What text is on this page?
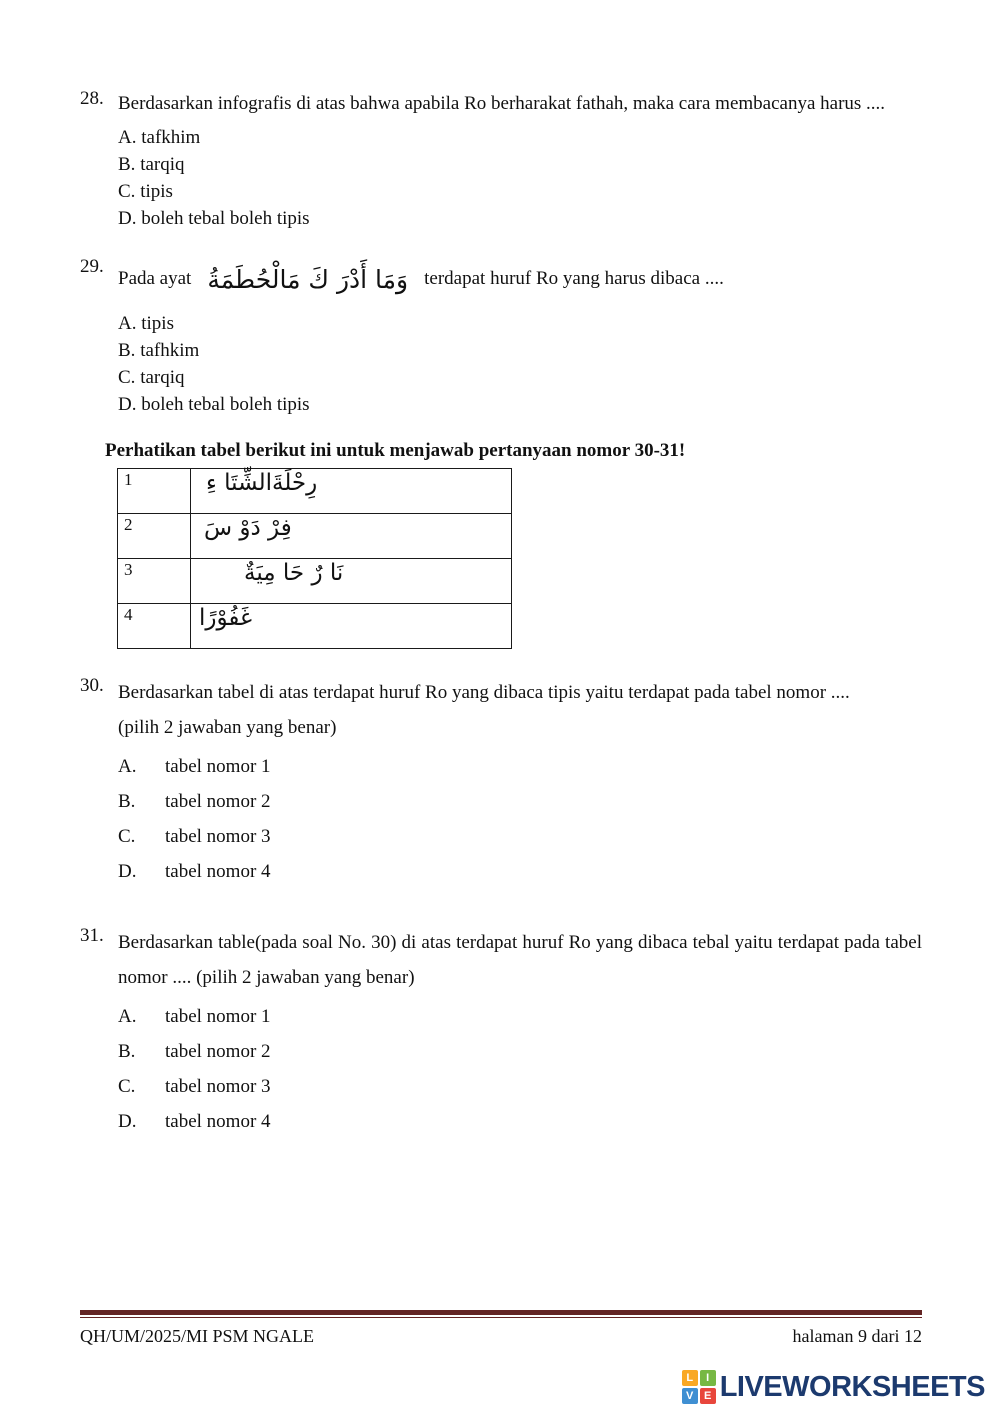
28. Berdasarkan infografis di atas bahwa apabila Ro berharakat fathah, maka cara membacanya harus ....
A. tafkhim
B. tarqiq
C. tipis
D. boleh tebal boleh tipis
29.
Pada ayat وَمَا أَدْرَ كَ مَالْحُطَمَةُ terdapat huruf Ro yang harus dibaca ....
A. tipis
B. tafhkim
C. tarqiq
D. boleh tebal boleh tipis
Perhatikan tabel berikut ini untuk menjawab pertanyaan nomor 30-31!
1	رِحْلَةَالشِّتَا ءِ
2	فِرْ دَوْ سَ
3	نَا رٌ حَا مِيَةٌ
4	غَفُوْرًا
30. Berdasarkan tabel di atas terdapat huruf Ro yang dibaca tipis yaitu terdapat pada tabel nomor ....
(pilih 2 jawaban yang benar)
A. tabel nomor 1
B. tabel nomor 2
C. tabel nomor 3
D. tabel nomor 4
31. Berdasarkan table(pada soal No. 30) di atas terdapat huruf Ro yang dibaca tebal yaitu terdapat pada tabel nomor .... (pilih 2 jawaban yang benar)
A. tabel nomor 1
B. tabel nomor 2
C. tabel nomor 3
D. tabel nomor 4
QH/UM/2025/MI PSM NGALE	halaman 9 dari 12
L	I
V E LIVEWORKSHEETS
